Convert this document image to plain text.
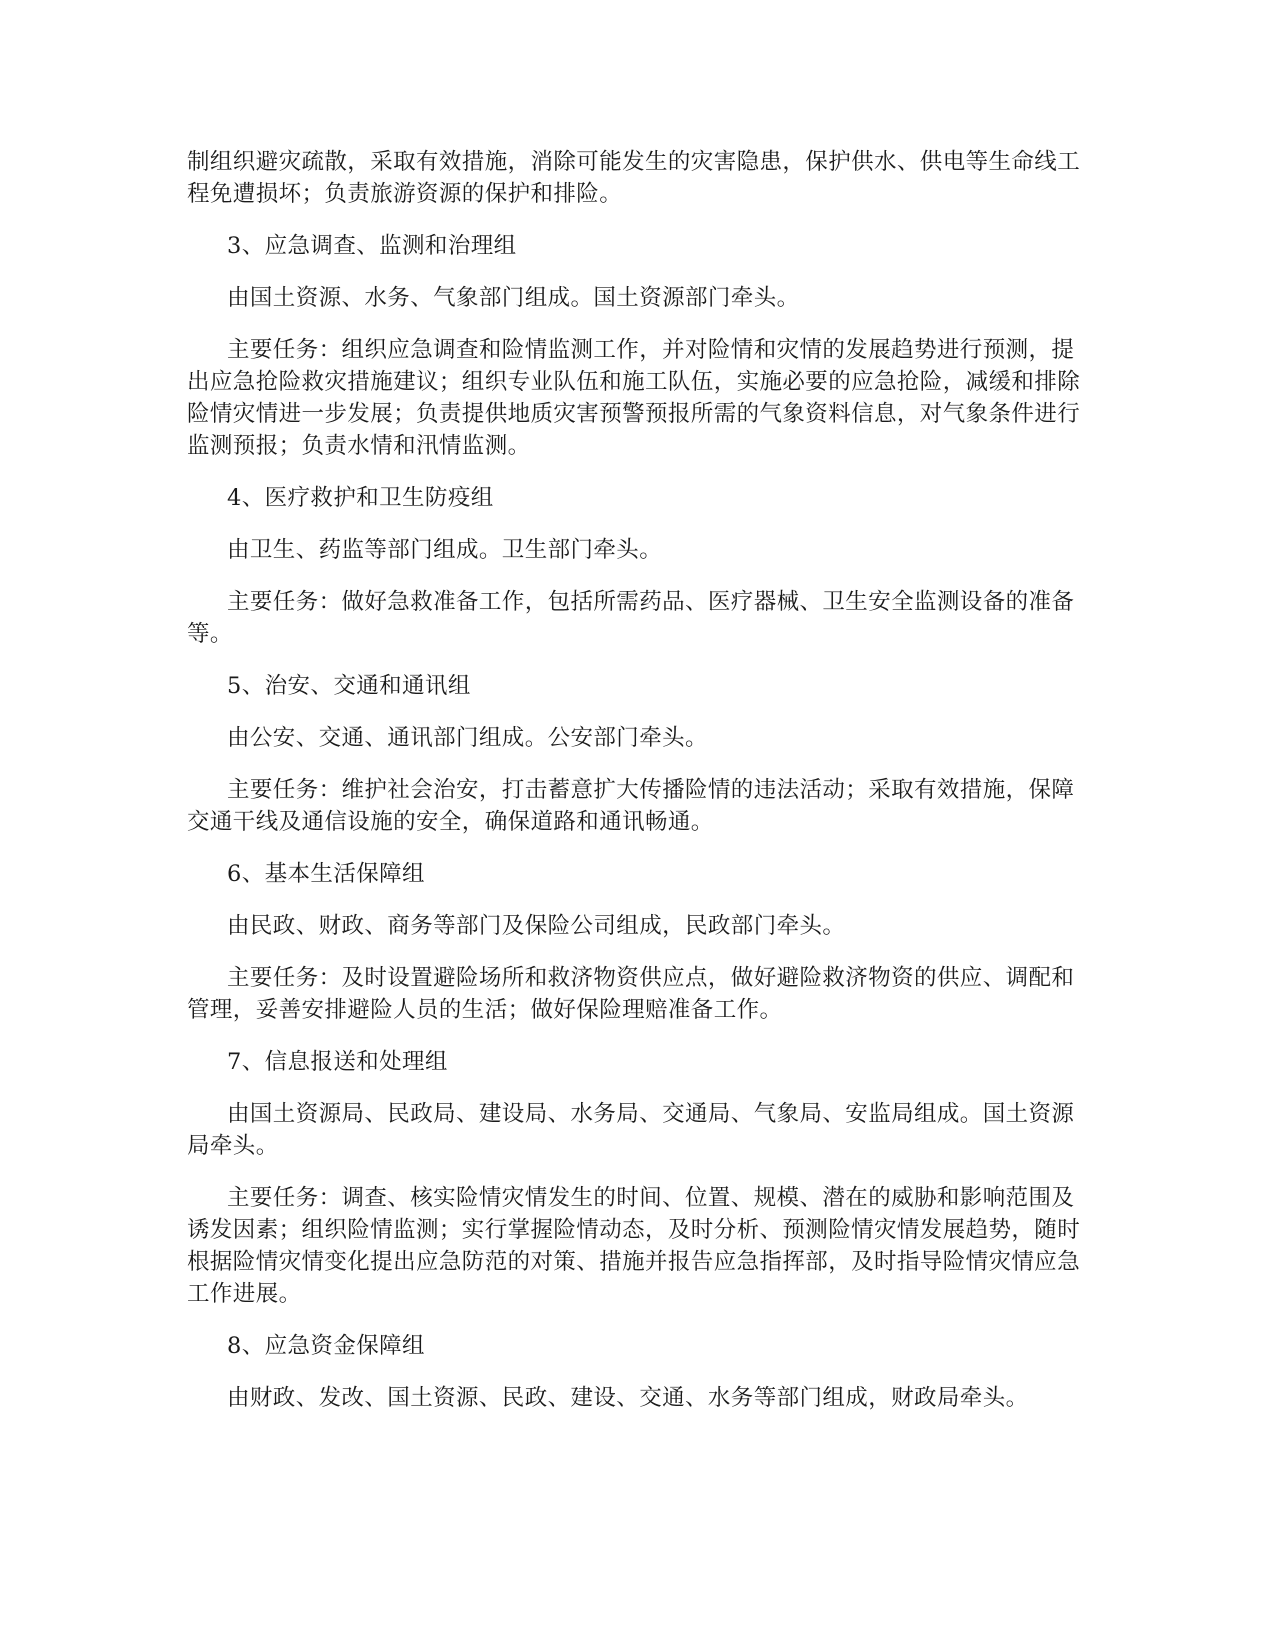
制组织避灾疏散，采取有效措施，消除可能发生的灾害隐患，保护供水、供电等生命线工程免遭损坏；负责旅游资源的保护和排险。

3、应急调查、监测和治理组

由国土资源、水务、气象部门组成。国土资源部门牵头。

主要任务：组织应急调查和险情监测工作，并对险情和灾情的发展趋势进行预测，提出应急抢险救灾措施建议；组织专业队伍和施工队伍，实施必要的应急抢险，减缓和排除险情灾情进一步发展；负责提供地质灾害预警预报所需的气象资料信息，对气象条件进行监测预报；负责水情和汛情监测。

4、医疗救护和卫生防疫组

由卫生、药监等部门组成。卫生部门牵头。

主要任务：做好急救准备工作，包括所需药品、医疗器械、卫生安全监测设备的准备等。

5、治安、交通和通讯组

由公安、交通、通讯部门组成。公安部门牵头。

主要任务：维护社会治安，打击蓄意扩大传播险情的违法活动；采取有效措施，保障交通干线及通信设施的安全，确保道路和通讯畅通。

6、基本生活保障组

由民政、财政、商务等部门及保险公司组成，民政部门牵头。

主要任务：及时设置避险场所和救济物资供应点，做好避险救济物资的供应、调配和管理，妥善安排避险人员的生活；做好保险理赔准备工作。

7、信息报送和处理组

由国土资源局、民政局、建设局、水务局、交通局、气象局、安监局组成。国土资源局牵头。

主要任务：调查、核实险情灾情发生的时间、位置、规模、潜在的威胁和影响范围及诱发因素；组织险情监测；实行掌握险情动态，及时分析、预测险情灾情发展趋势，随时根据险情灾情变化提出应急防范的对策、措施并报告应急指挥部，及时指导险情灾情应急工作进展。

8、应急资金保障组

由财政、发改、国土资源、民政、建设、交通、水务等部门组成，财政局牵头。
